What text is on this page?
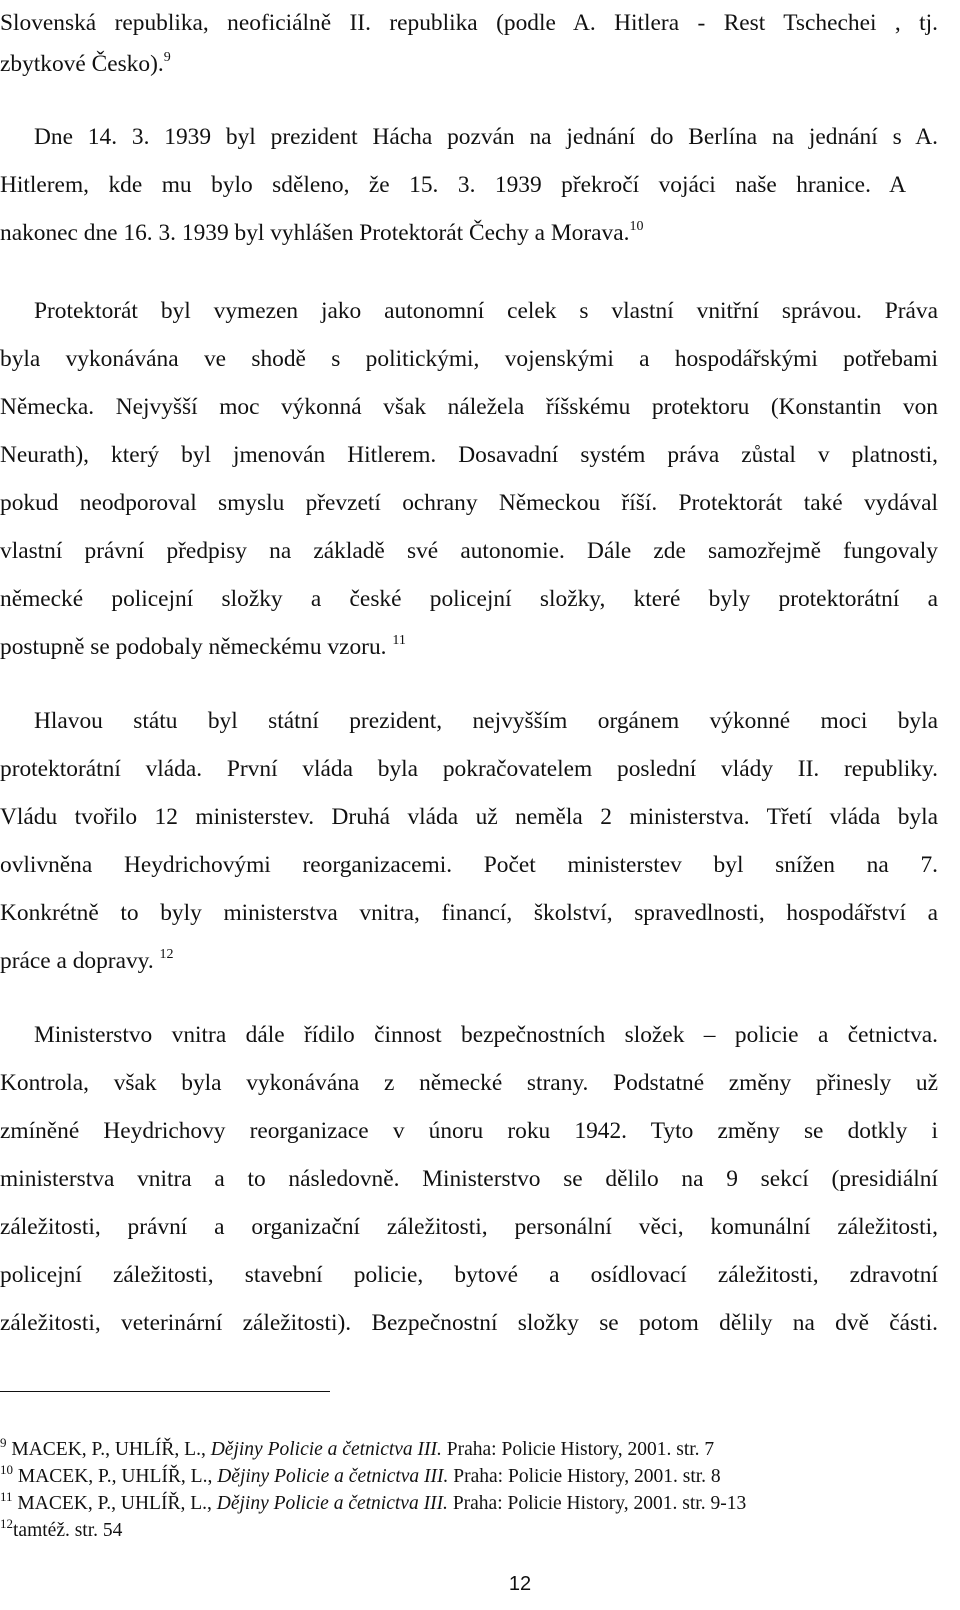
Slovenská republika, neoficiálně II. republika (podle A. Hitlera - Rest Tschechei , tj.
zbytkové Česko).$^9$
Dne 14. 3. 1939 byl prezident Hácha pozván na jednání do Berlína na jednání s A.
Hitlerem, kde mu bylo sděleno, že 15. 3. 1939 překročí vojáci naše hranice. A
nakonec dne 16. 3. 1939 byl vyhlášen Protektorát Čechy a Morava.$^{10}$
Protektorát byl vymezen jako autonomní celek s vlastní vnitřní správou. Práva
byla vykonávána ve shodě s politickými, vojenskými a hospodářskými potřebami
Německa. Nejvyšší moc výkonná však náležela říšskému protektoru (Konstantin von
Neurath), který byl jmenován Hitlerem. Dosavadní systém práva zůstal v platnosti,
pokud neodporoval smyslu převzetí ochrany Německou říší. Protektorát také vydával
vlastní právní předpisy na základě své autonomie. Dále zde samozřejmě fungovaly
německé policejní složky a české policejní složky, které byly protektorátní a
postupně se podobaly německému vzoru. $^{11}$
Hlavou státu byl státní prezident, nejvyšším orgánem výkonné moci byla
protektorátní vláda. První vláda byla pokračovatelem poslední vlády II. republiky.
Vládu tvořilo 12 ministerstev. Druhá vláda už neměla 2 ministerstva. Třetí vláda byla
ovlivněna Heydrichovými reorganizacemi. Počet ministerstev byl snížen na 7.
Konkrétně to byly ministerstva vnitra, financí, školství, spravedlnosti, hospodářství a
práce a dopravy. $^{12}$
Ministerstvo vnitra dále řídilo činnost bezpečnostních složek – policie a četnictva.
Kontrola, však byla vykonávána z německé strany. Podstatné změny přinesly už
zmíněné Heydrichovy reorganizace v únoru roku 1942. Tyto změny se dotkly i
ministerstva vnitra a to následovně. Ministerstvo se dělilo na 9 sekcí (presidiální
záležitosti, právní a organizační záležitosti, personální věci, komunální záležitosti,
policejní záležitosti, stavební policie, bytové a osídlovací záležitosti, zdravotní
záležitosti, veterinární záležitosti). Bezpečnostní složky se potom dělily na dvě části.
$^9$ MACEK, P., UHLÍŘ, L., Dějiny Policie a četnictva III. Praha: Policie History, 2001. str. 7
$^{10}$ MACEK, P., UHLÍŘ, L., Dějiny Policie a četnictva III. Praha: Policie History, 2001. str. 8
$^{11}$ MACEK, P., UHLÍŘ, L., Dějiny Policie a četnictva III. Praha: Policie History, 2001. str. 9-13
$^{12}$tamtéž. str. 54
12
